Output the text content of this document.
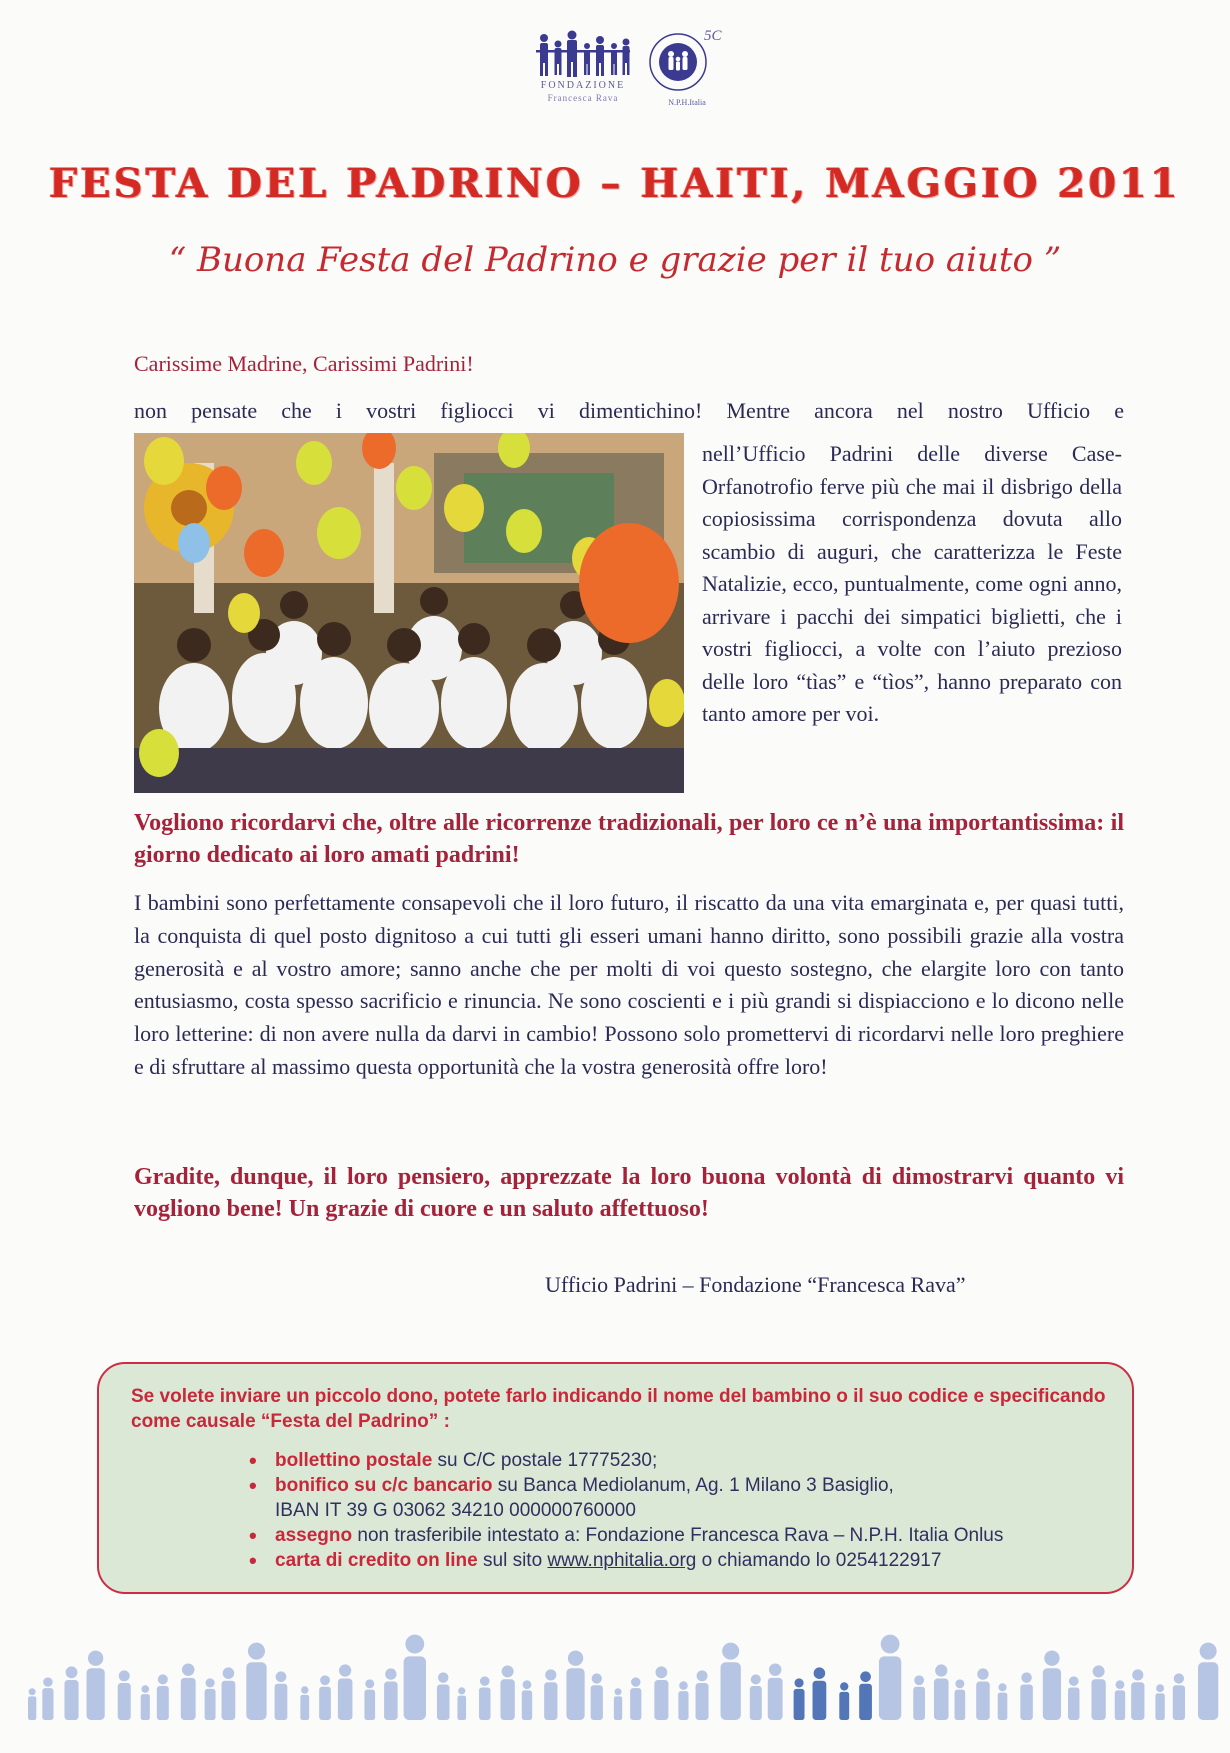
FONDAZIONE
Francesca Rava
5C
N.P.H.Italia
FESTA DEL PADRINO – HAITI, MAGGIO 2011
“ Buona Festa del Padrino e grazie per il tuo aiuto ”
Carissime Madrine, Carissimi Padrini!
non pensate che i vostri figliocci vi dimentichino! Mentre ancora nel nostro Ufficio e
nell’Ufficio Padrini delle diverse Case-Orfanotrofio ferve più che mai il disbrigo della copiosissima corrispondenza dovuta allo scambio di auguri, che caratterizza le Feste Natalizie, ecco, puntualmente, come ogni anno, arrivare i pacchi dei simpatici biglietti, che i vostri figliocci, a volte con l’aiuto prezioso delle loro “tìas” e “tìos”, hanno preparato con tanto amore per voi.
Vogliono ricordarvi che, oltre alle ricorrenze tradizionali, per loro ce n’è una importantissima: il giorno dedicato ai loro amati padrini!
I bambini sono perfettamente consapevoli che il loro futuro, il riscatto da una vita emarginata e, per quasi tutti, la conquista di quel posto dignitoso a cui tutti gli esseri umani hanno diritto, sono possibili grazie alla vostra generosità e al vostro amore; sanno anche che per molti di voi questo sostegno, che elargite loro con tanto entusiasmo, costa spesso sacrificio e rinuncia. Ne sono coscienti e i più grandi si dispiacciono e lo dicono nelle loro letterine: di non avere nulla da darvi in cambio! Possono solo promettervi di ricordarvi nelle loro preghiere e di sfruttare al massimo questa opportunità che la vostra generosità offre loro!
Gradite, dunque, il loro pensiero, apprezzate la loro buona volontà di dimostrarvi quanto vi vogliono bene! Un grazie di cuore e un saluto affettuoso!
Ufficio Padrini – Fondazione “Francesca Rava”
Se volete inviare un piccolo dono, potete farlo indicando il nome del bambino o il suo codice e specificando come causale “Festa del Padrino” :
• bollettino postale su C/C postale 17775230;
• bonifico su c/c bancario su Banca Mediolanum, Ag. 1 Milano 3 Basiglio,
IBAN IT 39 G 03062 34210 000000760000
• assegno non trasferibile intestato a: Fondazione Francesca Rava – N.P.H. Italia Onlus
• carta di credito on line sul sito www.nphitalia.org o chiamando lo 0254122917
